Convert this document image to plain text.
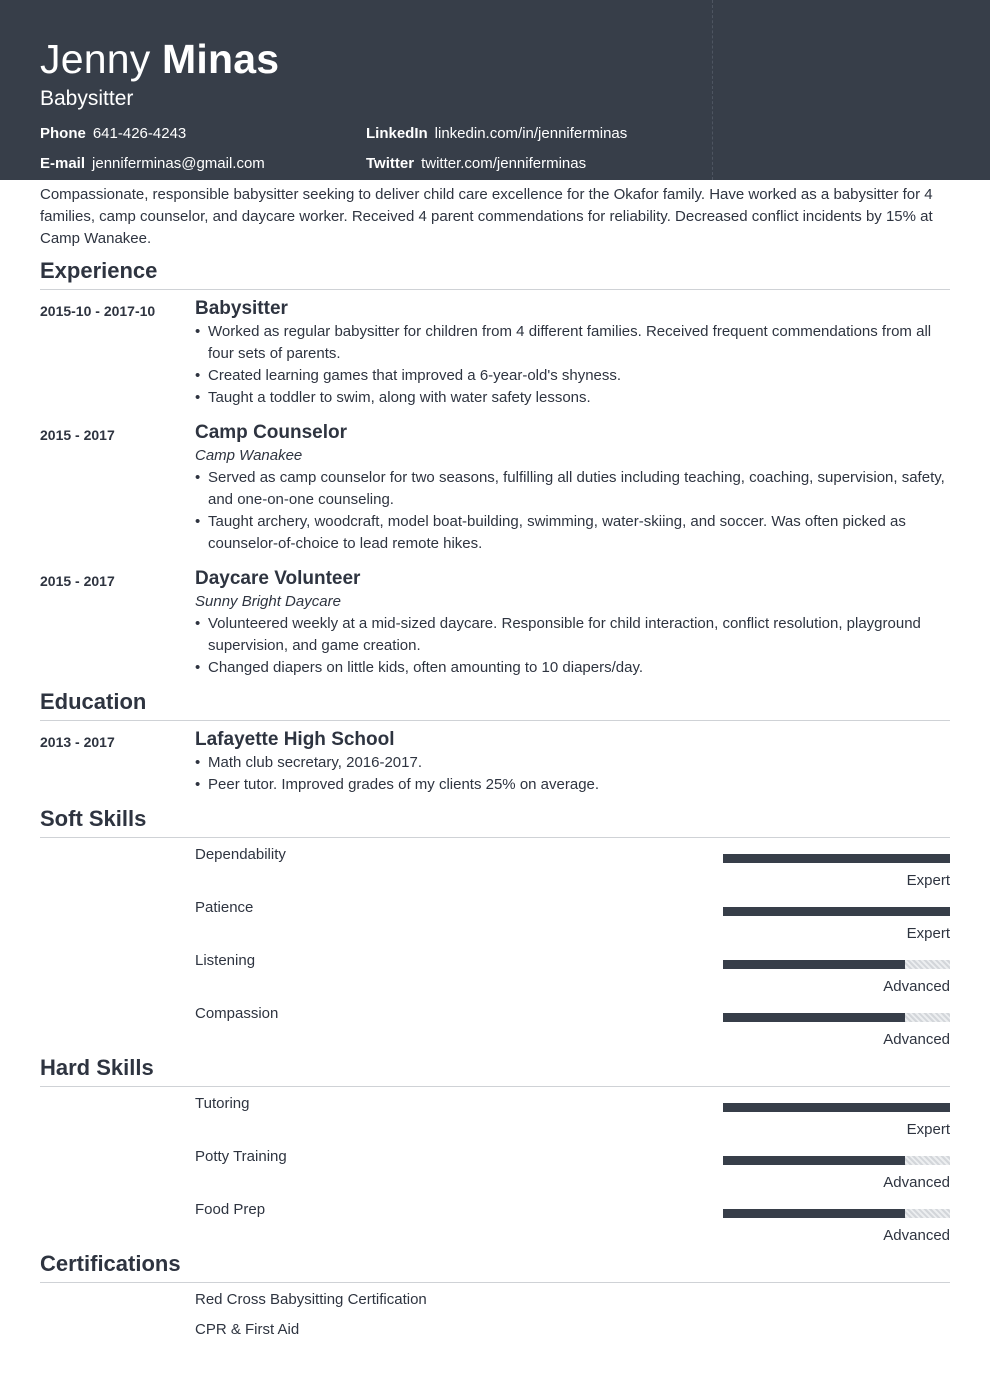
Jenny Minas
Babysitter
Phone 641-426-4243	LinkedIn linkedin.com/in/jenniferminas
E-mail jenniferminas@gmail.com	Twitter twitter.com/jenniferminas
Compassionate, responsible babysitter seeking to deliver child care excellence for the Okafor family. Have worked as a babysitter for 4 families, camp counselor, and daycare worker. Received 4 parent commendations for reliability. Decreased conflict incidents by 15% at Camp Wanakee.
Experience
2015-10 - 2017-10 Babysitter
• Worked as regular babysitter for children from 4 different families. Received frequent commendations from all four sets of parents.
• Created learning games that improved a 6-year-old's shyness.
• Taught a toddler to swim, along with water safety lessons.
2015 - 2017	Camp Counselor
Camp Wanakee
• Served as camp counselor for two seasons, fulfilling all duties including teaching, coaching, supervision, safety, and one-on-one counseling.
• Taught archery, woodcraft, model boat-building, swimming, water-skiing, and soccer. Was often picked as counselor-of-choice to lead remote hikes.
2015 - 2017	Daycare Volunteer
Sunny Bright Daycare
• Volunteered weekly at a mid-sized daycare. Responsible for child interaction, conflict resolution, playground supervision, and game creation.
• Changed diapers on little kids, often amounting to 10 diapers/day.
Education
2013 - 2017	Lafayette High School
• Math club secretary, 2016-2017.
• Peer tutor. Improved grades of my clients 25% on average.
Soft Skills
Dependability
Expert
Patience
Expert
Listening
Advanced
Compassion
Advanced
Hard Skills
Tutoring
Expert
Potty Training
Advanced
Food Prep
Advanced
Certifications
Red Cross Babysitting Certification
CPR & First Aid
